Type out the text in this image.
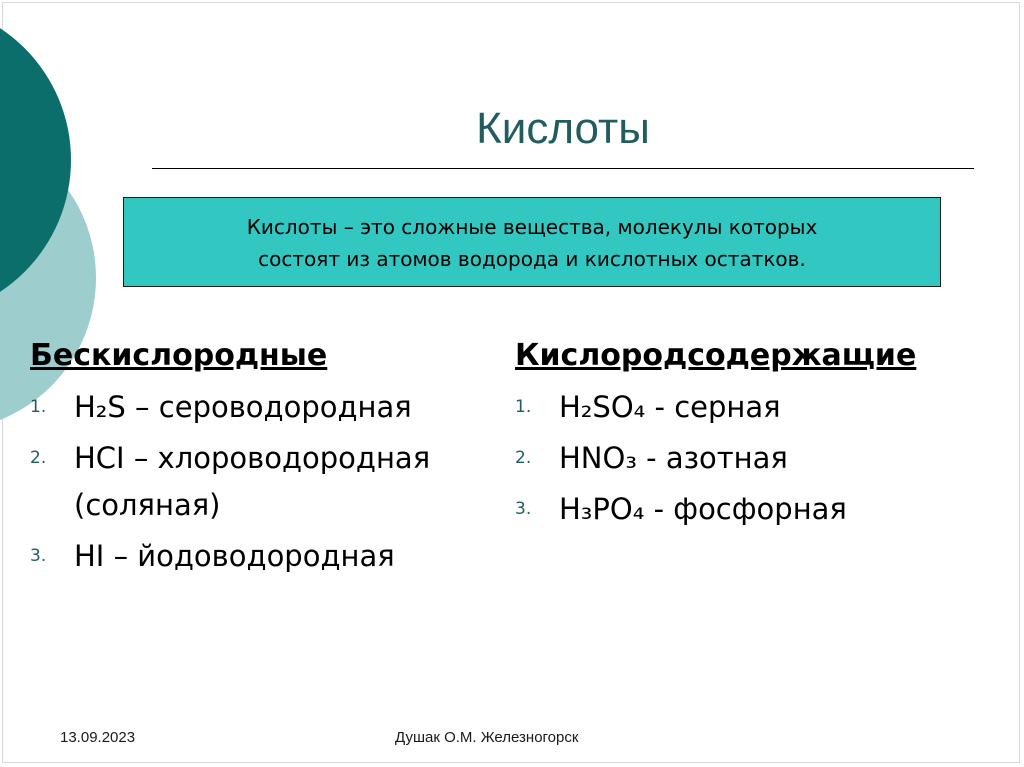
Кислоты
Кислоты – это сложные вещества, молекулы которых
состоят из атомов водорода и кислотных остатков.
Бескислородные
1. H₂S – сероводородная
2. HCI – хлороводородная (соляная)
3. HI – йодоводородная
Кислородсодержащие
1. H₂SO₄ - серная
2. HNO₃ - азотная
3. H₃PO₄ - фосфорная
13.09.2023	Душак О.М. Железногорск
